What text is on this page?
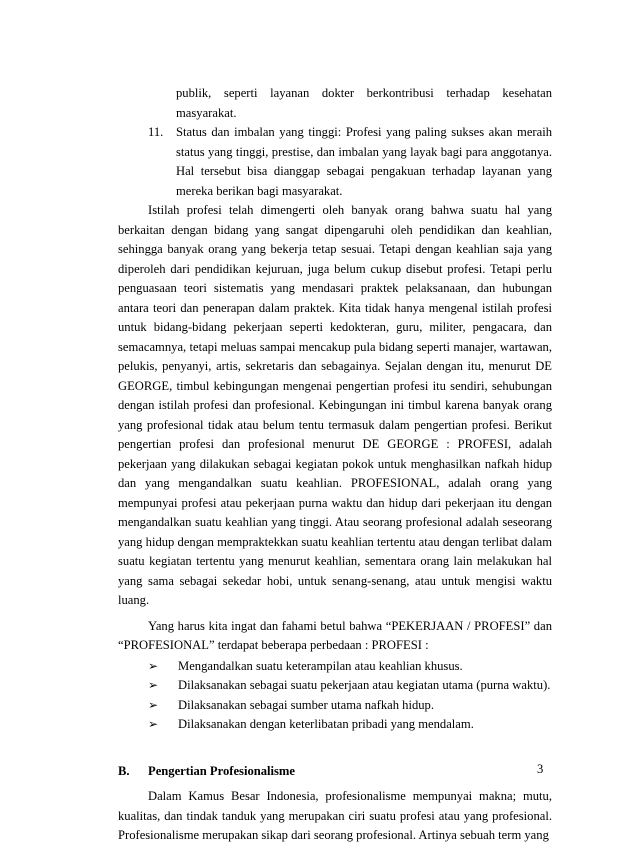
publik, seperti layanan dokter berkontribusi terhadap kesehatan masyarakat.
11. Status dan imbalan yang tinggi: Profesi yang paling sukses akan meraih status yang tinggi, prestise, dan imbalan yang layak bagi para anggotanya. Hal tersebut bisa dianggap sebagai pengakuan terhadap layanan yang mereka berikan bagi masyarakat.

Istilah profesi telah dimengerti oleh banyak orang bahwa suatu hal yang berkaitan dengan bidang yang sangat dipengaruhi oleh pendidikan dan keahlian, sehingga banyak orang yang bekerja tetap sesuai. Tetapi dengan keahlian saja yang diperoleh dari pendidikan kejuruan, juga belum cukup disebut profesi. Tetapi perlu penguasaan teori sistematis yang mendasari praktek pelaksanaan, dan hubungan antara teori dan penerapan dalam praktek. Kita tidak hanya mengenal istilah profesi untuk bidang-bidang pekerjaan seperti kedokteran, guru, militer, pengacara, dan semacamnya, tetapi meluas sampai mencakup pula bidang seperti manajer, wartawan, pelukis, penyanyi, artis, sekretaris dan sebagainya. Sejalan dengan itu, menurut DE GEORGE, timbul kebingungan mengenai pengertian profesi itu sendiri, sehubungan dengan istilah profesi dan profesional. Kebingungan ini timbul karena banyak orang yang profesional tidak atau belum tentu termasuk dalam pengertian profesi. Berikut pengertian profesi dan profesional menurut DE GEORGE : PROFESI, adalah pekerjaan yang dilakukan sebagai kegiatan pokok untuk menghasilkan nafkah hidup dan yang mengandalkan suatu keahlian. PROFESIONAL, adalah orang yang mempunyai profesi atau pekerjaan purna waktu dan hidup dari pekerjaan itu dengan mengandalkan suatu keahlian yang tinggi. Atau seorang profesional adalah seseorang yang hidup dengan mempraktekkan suatu keahlian tertentu atau dengan terlibat dalam suatu kegiatan tertentu yang menurut keahlian, sementara orang lain melakukan hal yang sama sebagai sekedar hobi, untuk senang-senang, atau untuk mengisi waktu luang.

Yang harus kita ingat dan fahami betul bahwa “PEKERJAAN / PROFESI” dan “PROFESIONAL” terdapat beberapa perbedaan : PROFESI :

➢ Mengandalkan suatu keterampilan atau keahlian khusus.
➢ Dilaksanakan sebagai suatu pekerjaan atau kegiatan utama (purna waktu).
➢ Dilaksanakan sebagai sumber utama nafkah hidup.
➢ Dilaksanakan dengan keterlibatan pribadi yang mendalam.
B. Pengertian Profesionalisme

Dalam Kamus Besar Indonesia, profesionalisme mempunyai makna; mutu, kualitas, dan tindak tanduk yang merupakan ciri suatu profesi atau yang profesional. Profesionalisme merupakan sikap dari seorang profesional. Artinya sebuah term yang

3
